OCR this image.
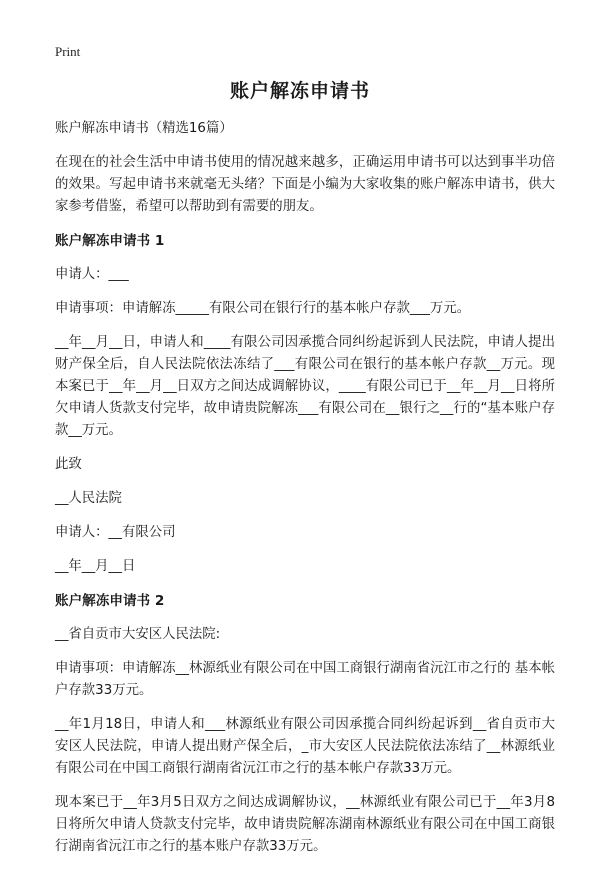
Print
账户解冻申请书

账户解冻申请书（精选16篇）

在现在的社会生活中申请书使用的情况越来越多，正确运用申请书可以达到事半功倍的效果。写起申请书来就毫无头绪？下面是小编为大家收集的账户解冻申请书，供大家参考借鉴，希望可以帮助到有需要的朋友。

账户解冻申请书 1

申请人：___

申请事项：申请解冻_____有限公司在银行行的基本帐户存款___万元。

__年__月__日，申请人和____有限公司因承揽合同纠纷起诉到人民法院，申请人提出财产保全后，自人民法院依法冻结了___有限公司在银行的基本帐户存款__万元。现本案已于__年__月__日双方之间达成调解协议，____有限公司已于__年__月__日将所欠申请人货款支付完毕，故申请贵院解冻___有限公司在__银行之__行的“基本账户存款__万元。

此致

__人民法院

申请人：__有限公司

__年__月__日

账户解冻申请书 2

__省自贡市大安区人民法院:

申请事项：申请解冻__林源纸业有限公司在中国工商银行湖南省沅江市之行的 基本帐户存款33万元。

__年1月18日，申请人和___林源纸业有限公司因承揽合同纠纷起诉到__省自贡市大安区人民法院，申请人提出财产保全后，_市大安区人民法院依法冻结了__林源纸业有限公司在中国工商银行湖南省沅江市之行的基本帐户存款33万元。

现本案已于__年3月5日双方之间达成调解协议，__林源纸业有限公司已于__年3月8日将所欠申请人贷款支付完毕，故申请贵院解冻湖南林源纸业有限公司在中国工商银行湖南省沅江市之行的基本账户存款33万元。
